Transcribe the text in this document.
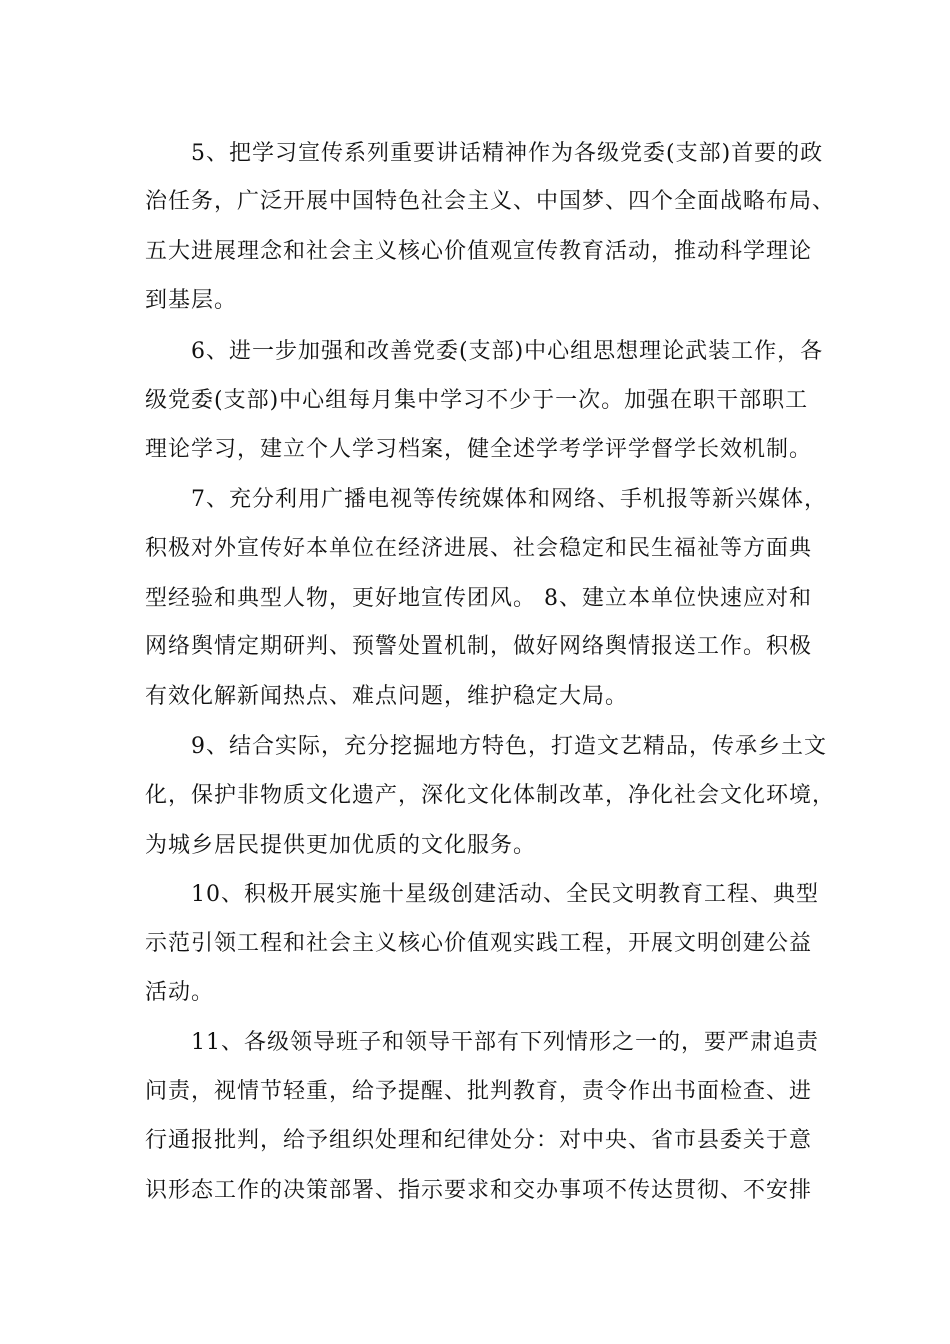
5、把学习宣传系列重要讲话精神作为各级党委(支部)首要的政
治任务，广泛开展中国特色社会主义、中国梦、四个全面战略布局、
五大进展理念和社会主义核心价值观宣传教育活动，推动科学理论
到基层。
6、进一步加强和改善党委(支部)中心组思想理论武装工作，各
级党委(支部)中心组每月集中学习不少于一次。加强在职干部职工
理论学习，建立个人学习档案，健全述学考学评学督学长效机制。
7、充分利用广播电视等传统媒体和网络、手机报等新兴媒体，
积极对外宣传好本单位在经济进展、社会稳定和民生福祉等方面典
型经验和典型人物，更好地宣传团风。 8、建立本单位快速应对和
网络舆情定期研判、预警处置机制，做好网络舆情报送工作。积极
有效化解新闻热点、难点问题，维护稳定大局。
9、结合实际，充分挖掘地方特色，打造文艺精品，传承乡土文
化，保护非物质文化遗产，深化文化体制改革，净化社会文化环境，
为城乡居民提供更加优质的文化服务。
10、积极开展实施十星级创建活动、全民文明教育工程、典型
示范引领工程和社会主义核心价值观实践工程，开展文明创建公益
活动。
11、各级领导班子和领导干部有下列情形之一的，要严肃追责
问责，视情节轻重，给予提醒、批判教育，责令作出书面检查、进
行通报批判，给予组织处理和纪律处分：对中央、省市县委关于意
识形态工作的决策部署、指示要求和交办事项不传达贯彻、不安排
